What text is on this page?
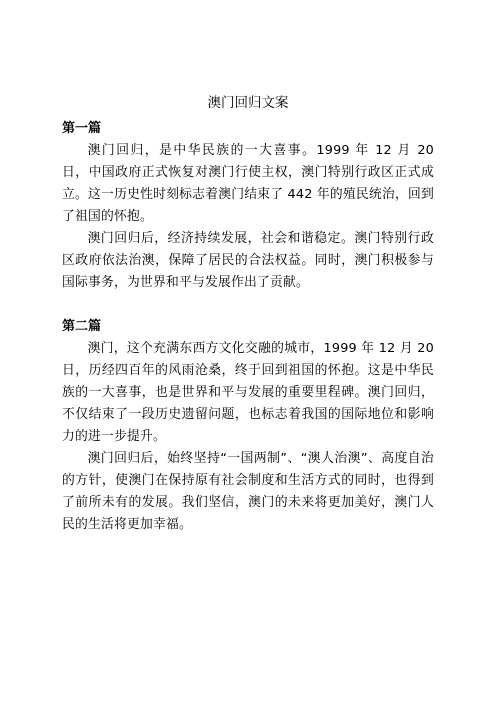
澳门回归文案
第一篇

澳门回归，是中华民族的一大喜事。1999 年 12 月 20 日，中国政府正式恢复对澳门行使主权，澳门特别行政区正式成立。这一历史性时刻标志着澳门结束了 442 年的殖民统治，回到了祖国的怀抱。

澳门回归后，经济持续发展，社会和谐稳定。澳门特别行政区政府依法治澳，保障了居民的合法权益。同时，澳门积极参与国际事务，为世界和平与发展作出了贡献。

第二篇

澳门，这个充满东西方文化交融的城市，1999 年 12 月 20 日，历经四百年的风雨沧桑，终于回到祖国的怀抱。这是中华民族的一大喜事，也是世界和平与发展的重要里程碑。澳门回归，不仅结束了一段历史遗留问题，也标志着我国的国际地位和影响力的进一步提升。

澳门回归后，始终坚持“一国两制”、“澳人治澳”、高度自治的方针，使澳门在保持原有社会制度和生活方式的同时，也得到了前所未有的发展。我们坚信，澳门的未来将更加美好，澳门人民的生活将更加幸福。
